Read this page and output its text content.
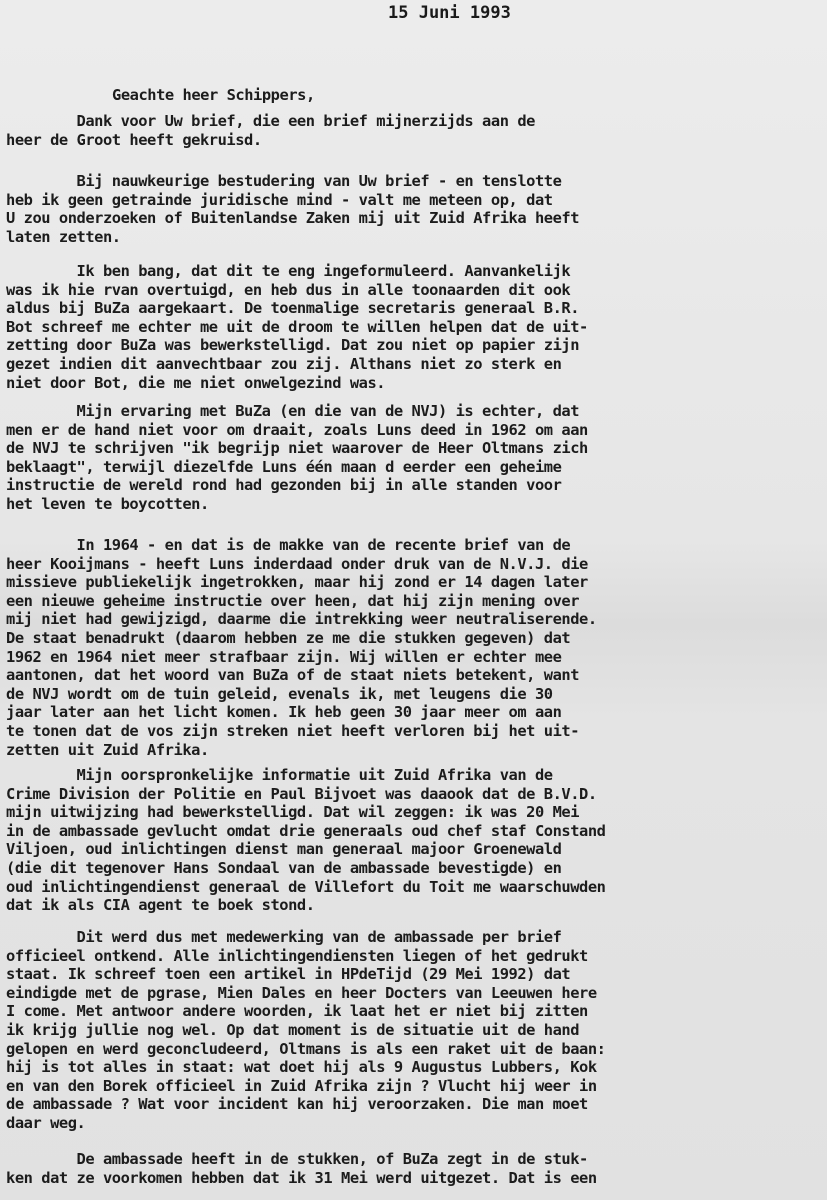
15 Juni 1993

Geachte heer Schippers,

Dank voor Uw brief, die een brief mijnerzijds aan de
heer de Groot heeft gekruisd.
Bij nauwkeurige bestudering van Uw brief - en tenslotte
heb ik geen getrainde juridische mind - valt me meteen op, dat
U zou onderzoeken of Buitenlandse Zaken mij uit Zuid Afrika heeft
laten zetten.
Ik ben bang, dat dit te eng ingeformuleerd. Aanvankelijk
was ik hie rvan overtuigd, en heb dus in alle toonaarden dit ook
aldus bij BuZa aargekaart. De toenmalige secretaris generaal B.R.
Bot schreef me echter me uit de droom te willen helpen dat de uit-
zetting door BuZa was bewerkstelligd. Dat zou niet op papier zijn
gezet indien dit aanvechtbaar zou zij. Althans niet zo sterk en
niet door Bot, die me niet onwelgezind was.
Mijn ervaring met BuZa (en die van de NVJ) is echter, dat
men er de hand niet voor om draait, zoals Luns deed in 1962 om aan
de NVJ te schrijven "ik begrijp niet waarover de Heer Oltmans zich
beklaagt", terwijl diezelfde Luns één maan d eerder een geheime
instructie de wereld rond had gezonden bij in alle standen voor
het leven te boycotten.
In 1964 - en dat is de makke van de recente brief van de
heer Kooijmans - heeft Luns inderdaad onder druk van de N.V.J. die
missieve publiekelijk ingetrokken, maar hij zond er 14 dagen later
een nieuwe geheime instructie over heen, dat hij zijn mening over
mij niet had gewijzigd, daarme die intrekking weer neutraliserende.
De staat benadrukt (daarom hebben ze me die stukken gegeven) dat
1962 en 1964 niet meer strafbaar zijn. Wij willen er echter mee
aantonen, dat het woord van BuZa of de staat niets betekent, want
de NVJ wordt om de tuin geleid, evenals ik, met leugens die 30
jaar later aan het licht komen. Ik heb geen 30 jaar meer om aan
te tonen dat de vos zijn streken niet heeft verloren bij het uit-
zetten uit Zuid Afrika.
Mijn oorspronkelijke informatie uit Zuid Afrika van de
Crime Division der Politie en Paul Bijvoet was daaook dat de B.V.D.
mijn uitwijzing had bewerkstelligd. Dat wil zeggen: ik was 20 Mei
in de ambassade gevlucht omdat drie generaals oud chef staf Constand
Viljoen, oud inlichtingen dienst man generaal majoor Groenewald
(die dit tegenover Hans Sondaal van de ambassade bevestigde) en
oud inlichtingendienst generaal de Villefort du Toit me waarschuwden
dat ik als CIA agent te boek stond.
Dit werd dus met medewerking van de ambassade per brief
officieel ontkend. Alle inlichtingendiensten liegen of het gedrukt
staat. Ik schreef toen een artikel in HPdeTijd (29 Mei 1992) dat
eindigde met de pgrase, Mien Dales en heer Docters van Leeuwen here
I come. Met antwoor andere woorden, ik laat het er niet bij zitten
ik krijg jullie nog wel. Op dat moment is de situatie uit de hand
gelopen en werd geconcludeerd, Oltmans is als een raket uit de baan:
hij is tot alles in staat: wat doet hij als 9 Augustus Lubbers, Kok
en van den Borek officieel in Zuid Afrika zijn ? Vlucht hij weer in
de ambassade ? Wat voor incident kan hij veroorzaken. Die man moet
daar weg.
De ambassade heeft in de stukken, of BuZa zegt in de stuk-
ken dat ze voorkomen hebben dat ik 31 Mei werd uitgezet. Dat is een
